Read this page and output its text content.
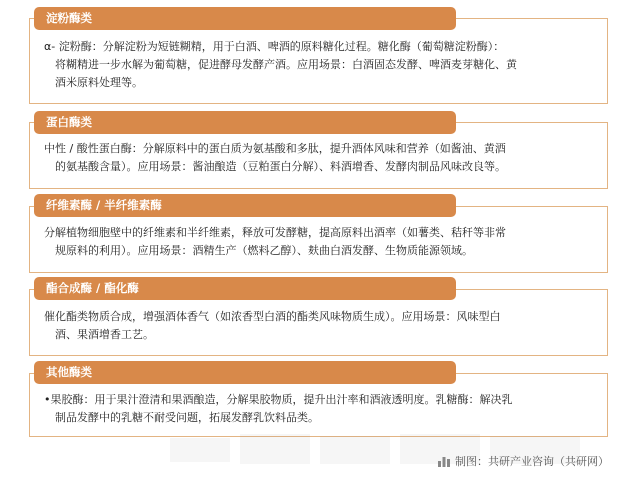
淀粉酶类
α- 淀粉酶：分解淀粉为短链糊精，用于白酒、啤酒的原料糖化过程。糖化酶（葡萄糖淀粉酶）：
将糊精进一步水解为葡萄糖，促进酵母发酵产酒。应用场景：白酒固态发酵、啤酒麦芽糖化、黄
酒米原料处理等。
蛋白酶类
中性 / 酸性蛋白酶：分解原料中的蛋白质为氨基酸和多肽，提升酒体风味和营养（如酱油、黄酒
的氨基酸含量）。应用场景：酱油酿造（豆粕蛋白分解）、料酒增香、发酵肉制品风味改良等。
纤维素酶 / 半纤维素酶
分解植物细胞壁中的纤维素和半纤维素，释放可发酵糖，提高原料出酒率（如薯类、秸秆等非常
规原料的利用）。应用场景：酒精生产（燃料乙醇）、麸曲白酒发酵、生物质能源领域。
酯合成酶 / 酯化酶
催化酯类物质合成，增强酒体香气（如浓香型白酒的酯类风味物质生成）。应用场景：风味型白
酒、果酒增香工艺。
其他酶类
•果胶酶：用于果汁澄清和果酒酿造，分解果胶物质，提升出汁率和酒液透明度。乳糖酶：解决乳
制品发酵中的乳糖不耐受问题，拓展发酵乳饮料品类。
制图：共研产业咨询（共研网）
